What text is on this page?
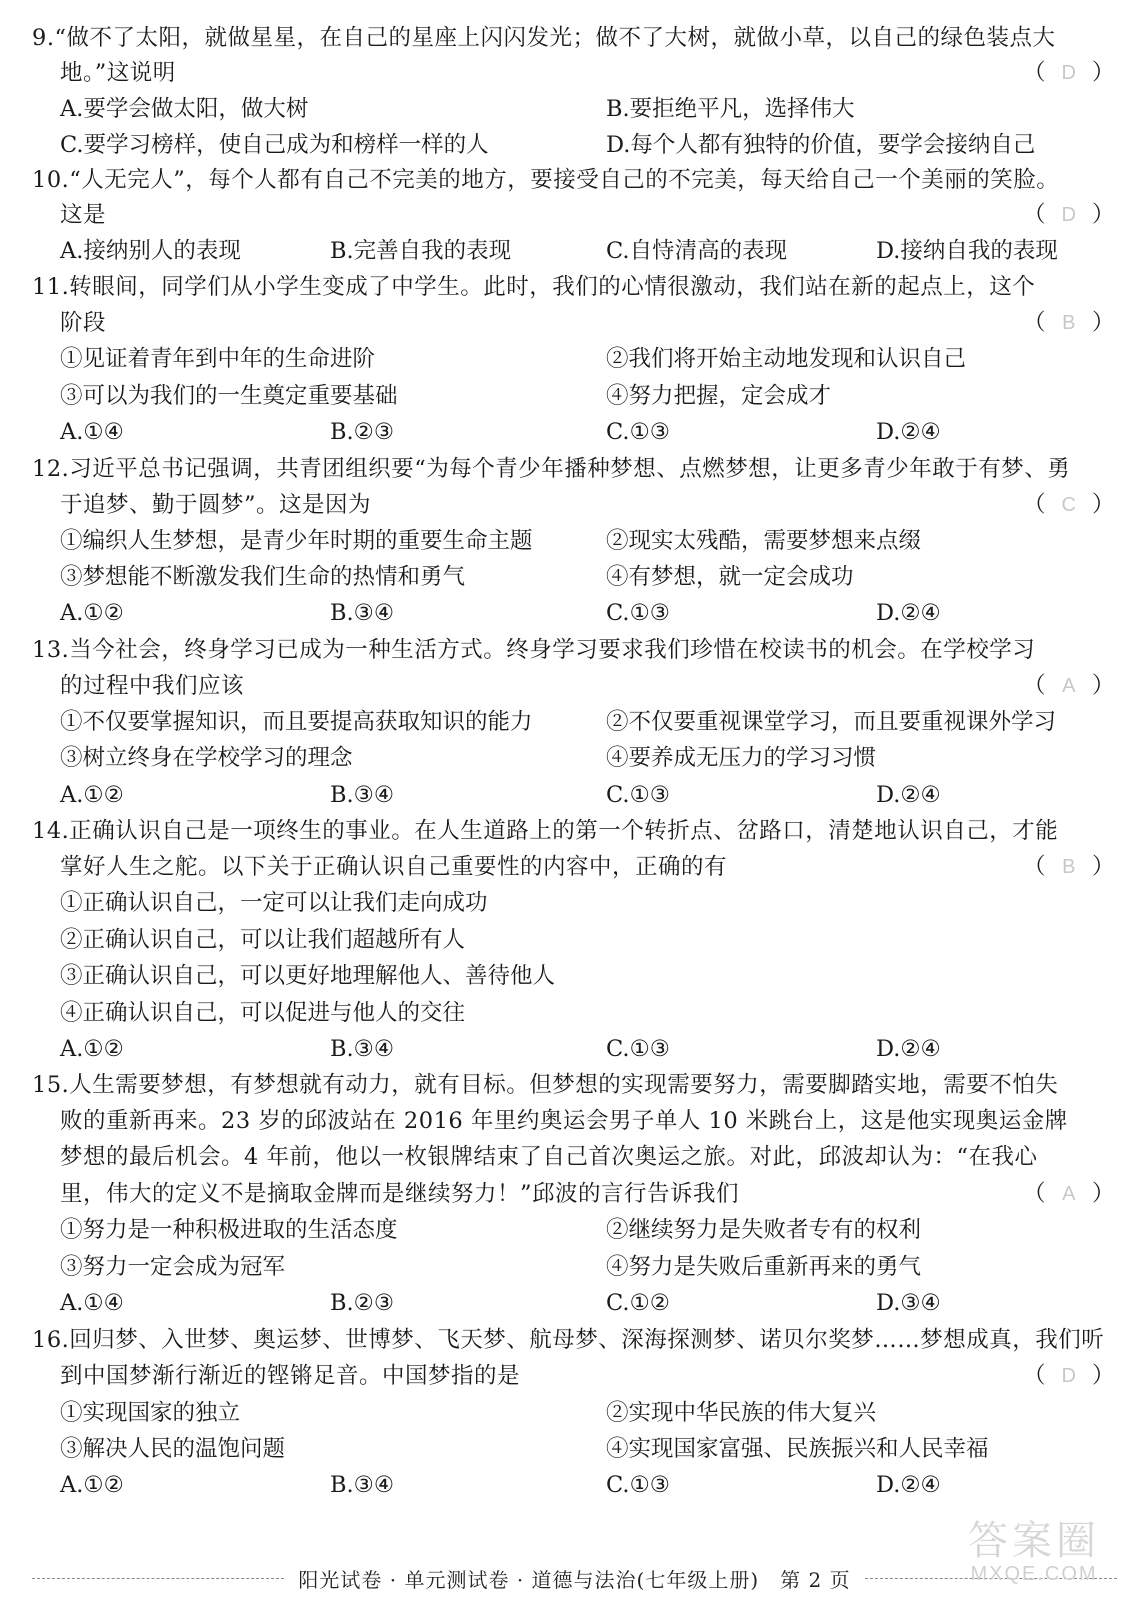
9.“做不了太阳，就做星星，在自己的星座上闪闪发光；做不了大树，就做小草，以自己的绿色装点大
地。”这说明	（ D ）
A.要学会做太阳，做大树	B.要拒绝平凡，选择伟大
C.要学习榜样，使自己成为和榜样一样的人	D.每个人都有独特的价值，要学会接纳自己
10.“人无完人”，每个人都有自己不完美的地方，要接受自己的不完美，每天给自己一个美丽的笑脸。
这是	（ D ）
A.接纳别人的表现	B.完善自我的表现	C.自恃清高的表现	D.接纳自我的表现
11.转眼间，同学们从小学生变成了中学生。此时，我们的心情很激动，我们站在新的起点上，这个
阶段	（ B ）
①见证着青年到中年的生命进阶	②我们将开始主动地发现和认识自己
③可以为我们的一生奠定重要基础	④努力把握，定会成才
A.①④	B.②③	C.①③	D.②④
12.习近平总书记强调，共青团组织要“为每个青少年播种梦想、点燃梦想，让更多青少年敢于有梦、勇
于追梦、勤于圆梦”。这是因为	（ C ）
①编织人生梦想，是青少年时期的重要生命主题	②现实太残酷，需要梦想来点缀
③梦想能不断激发我们生命的热情和勇气	④有梦想，就一定会成功
A.①②	B.③④	C.①③	D.②④
13.当今社会，终身学习已成为一种生活方式。终身学习要求我们珍惜在校读书的机会。在学校学习
的过程中我们应该	（ A ）
①不仅要掌握知识，而且要提高获取知识的能力	②不仅要重视课堂学习，而且要重视课外学习
③树立终身在学校学习的理念	④要养成无压力的学习习惯
A.①②	B.③④	C.①③	D.②④
14.正确认识自己是一项终生的事业。在人生道路上的第一个转折点、岔路口，清楚地认识自己，才能
掌好人生之舵。以下关于正确认识自己重要性的内容中，正确的有	（ B ）
①正确认识自己，一定可以让我们走向成功
②正确认识自己，可以让我们超越所有人
③正确认识自己，可以更好地理解他人、善待他人
④正确认识自己，可以促进与他人的交往
A.①②	B.③④	C.①③	D.②④
15.人生需要梦想，有梦想就有动力，就有目标。但梦想的实现需要努力，需要脚踏实地，需要不怕失
败的重新再来。23 岁的邱波站在 2016 年里约奥运会男子单人 10 米跳台上，这是他实现奥运金牌
梦想的最后机会。4 年前，他以一枚银牌结束了自己首次奥运之旅。对此，邱波却认为：“在我心
里，伟大的定义不是摘取金牌而是继续努力！”邱波的言行告诉我们	（ A ）
①努力是一种积极进取的生活态度	②继续努力是失败者专有的权利
③努力一定会成为冠军	④努力是失败后重新再来的勇气
A.①④	B.②③	C.①②	D.③④
16.回归梦、入世梦、奥运梦、世博梦、飞天梦、航母梦、深海探测梦、诺贝尔奖梦……梦想成真，我们听
到中国梦渐行渐近的铿锵足音。中国梦指的是	（ D ）
①实现国家的独立	②实现中华民族的伟大复兴
③解决人民的温饱问题	④实现国家富强、民族振兴和人民幸福
A.①②	B.③④	C.①③	D.②④
阳光试卷 · 单元测试卷 · 道德与法治(七年级上册)　第 2 页
答案圈
MXQE.COM
